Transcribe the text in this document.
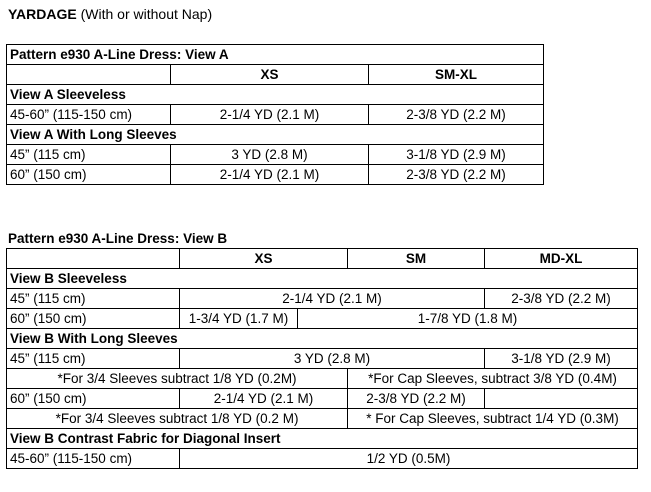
YARDAGE (With or without Nap)
Pattern e930 A-Line Dress: View A		
	XS	SM-XL
View A Sleeveless		
45-60” (115-150 cm)	2-1/4 YD (2.1 M)	2-3/8 YD (2.2 M)
View A With Long Sleeves		
45” (115 cm)	3 YD (2.8 M)	3-1/8 YD (2.9 M)
60” (150 cm)	2-1/4 YD (2.1 M)	2-3/8 YD (2.2 M)
Pattern e930 A-Line Dress: View B
	XS		SM	MD-XL
View B Sleeveless				
45” (115 cm)	2-1/4 YD (2.1 M)			2-3/8 YD (2.2 M)
60” (150 cm)	1-3/4 YD (1.7 M)	1-7/8 YD (1.8 M)		
View B With Long Sleeves				
45” (115 cm)	3 YD (2.8 M)			3-1/8 YD (2.9 M)
*For 3/4 Sleeves subtract 1/8 YD (0.2M)			*For Cap Sleeves, subtract 3/8 YD (0.4M)	
60” (150 cm)	2-1/4 YD (2.1 M)		2-3/8 YD (2.2 M)	
*For 3/4 Sleeves subtract 1/8 YD (0.2 M)			* For Cap Sleeves, subtract 1/4 YD (0.3M)	
View B Contrast Fabric for Diagonal Insert				
45-60” (115-150 cm)	1/2 YD (0.5M)			
